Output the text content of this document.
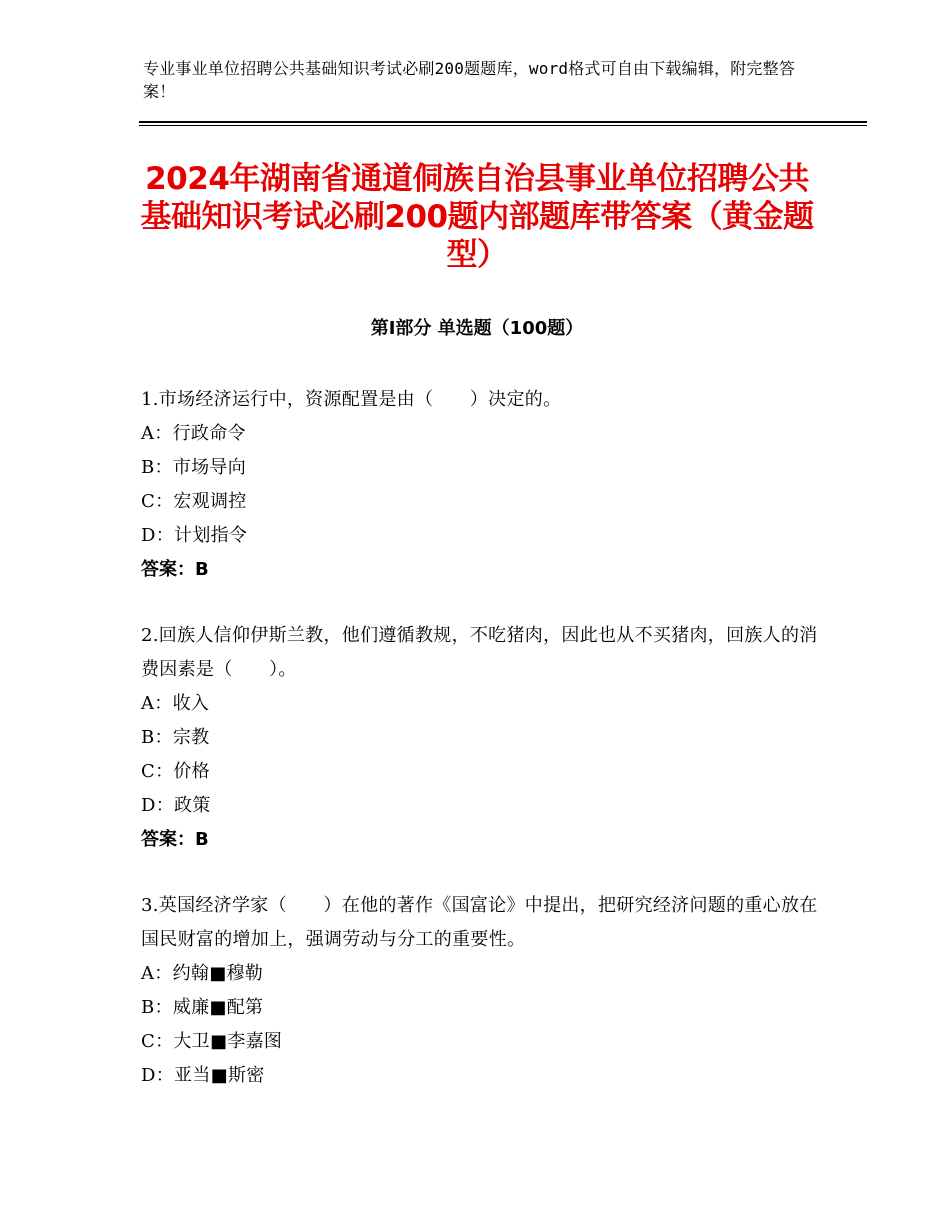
专业事业单位招聘公共基础知识考试必刷200题题库，word格式可自由下载编辑，附完整答案！
2024年湖南省通道侗族自治县事业单位招聘公共基础知识考试必刷200题内部题库带答案（黄金题型）
第I部分 单选题（100题）
1.市场经济运行中，资源配置是由（　　）决定的。
A：行政命令
B：市场导向
C：宏观调控
D：计划指令
答案：B
2.回族人信仰伊斯兰教，他们遵循教规，不吃猪肉，因此也从不买猪肉，回族人的消费因素是（　　）。
A：收入
B：宗教
C：价格
D：政策
答案：B
3.英国经济学家（　　）在他的著作《国富论》中提出，把研究经济问题的重心放在国民财富的增加上，强调劳动与分工的重要性。
A：约翰■穆勒
B：威廉■配第
C：大卫■李嘉图
D：亚当■斯密
